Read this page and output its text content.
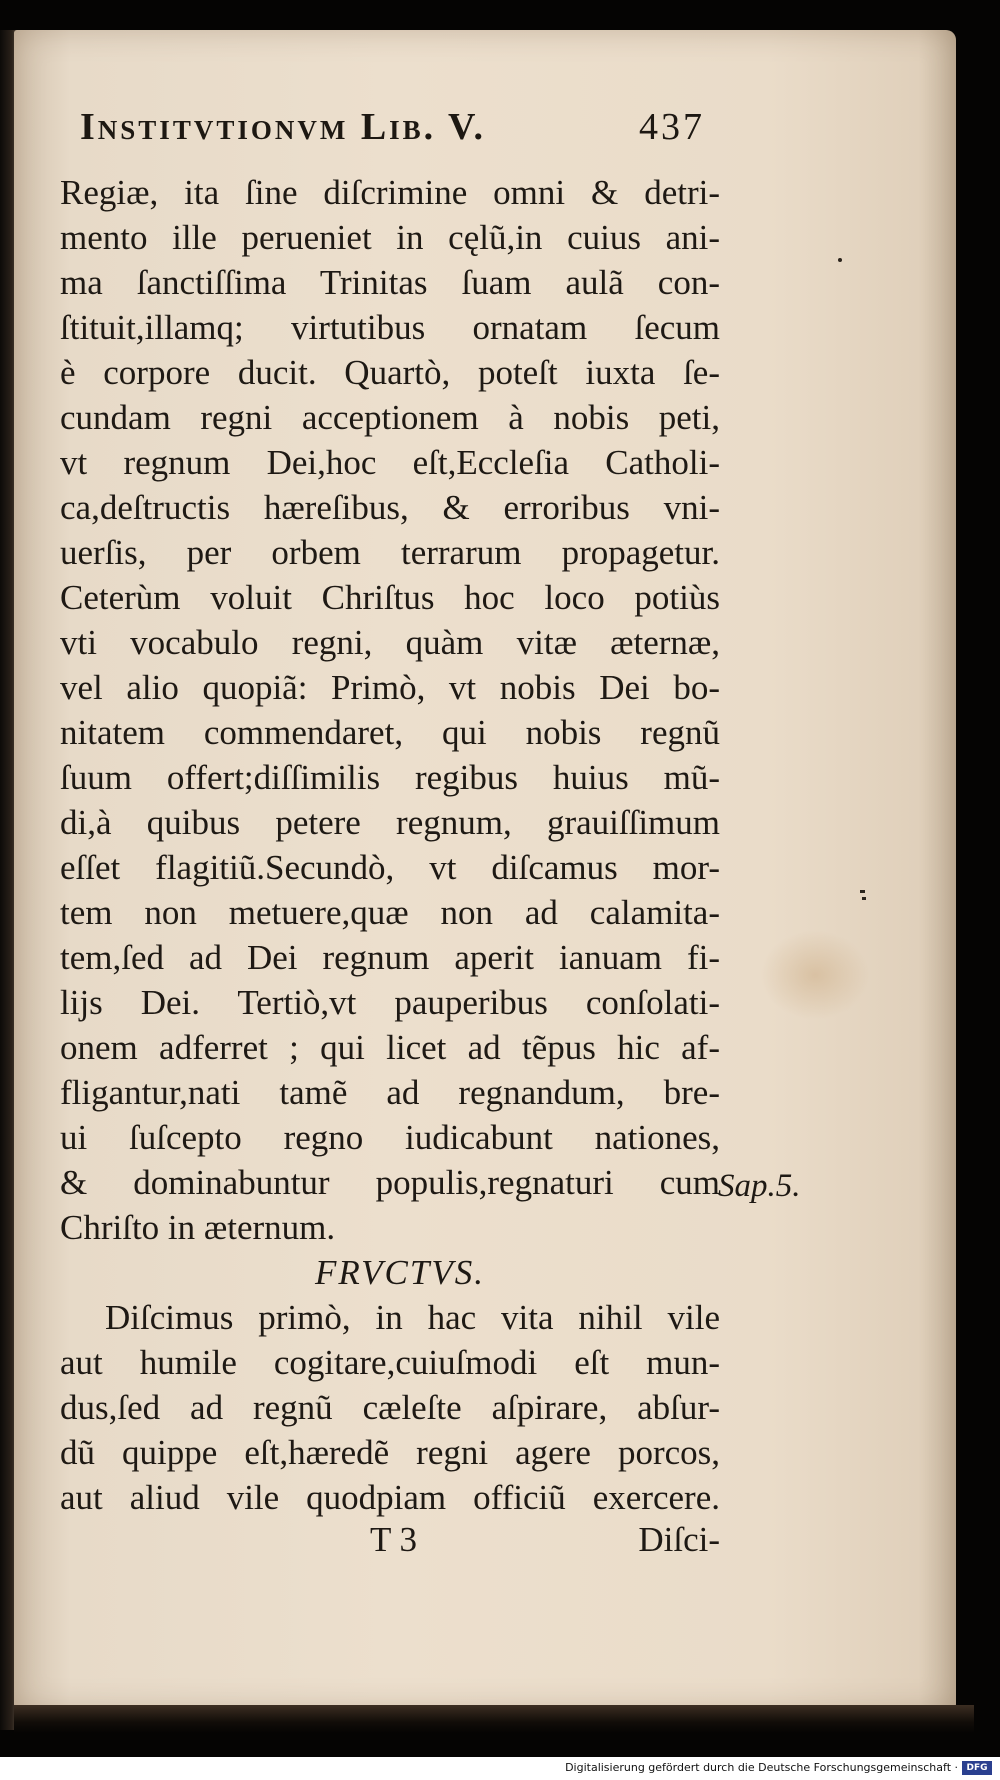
Institvtionvm Lib. V.	437
Regiæ, ita ſine diſcrimine omni & detri-
mento ille perueniet in cęlũ,in cuius ani-
ma ſanctiſſima Trinitas ſuam aulã con-
ſtituit,illamq; virtutibus ornatam ſecum
è corpore ducit. Quartò, poteſt iuxta ſe-
cundam regni acceptionem à nobis peti,
vt regnum Dei,hoc eſt,Eccleſia Catholi-
ca,deſtructis hæreſibus, & erroribus vni-
uerſis, per orbem terrarum propagetur.
Ceterùm voluit Chriſtus hoc loco potiùs
vti vocabulo regni, quàm vitæ æternæ,
vel alio quopiã: Primò, vt nobis Dei bo-
nitatem commendaret, qui nobis regnũ
ſuum offert;diſſimilis regibus huius mũ-
di,à quibus petere regnum, grauiſſimum
eſſet flagitiũ.Secundò, vt diſcamus mor-
tem non metuere,quæ non ad calamita-
tem,ſed ad Dei regnum aperit ianuam fi-
lijs Dei. Tertiò,vt pauperibus conſolati-
onem adferret ; qui licet ad tẽpus hic af-
fligantur,nati tamẽ ad regnandum, bre-
ui ſuſcepto regno iudicabunt nationes,
& dominabuntur populis,regnaturi cum
Chriſto in æternum.
FRVCTVS.
Diſcimus primò, in hac vita nihil vile
aut humile cogitare,cuiuſmodi eſt mun-
dus,ſed ad regnũ cæleſte aſpirare, abſur-
dũ quippe eſt,hæredẽ regni agere porcos,
aut aliud vile quodpiam officiũ exercere.
Sap.5.
T 3	Diſci-
Digitalisierung gefördert durch die Deutsche Forschungsgemeinschaft · DFG
